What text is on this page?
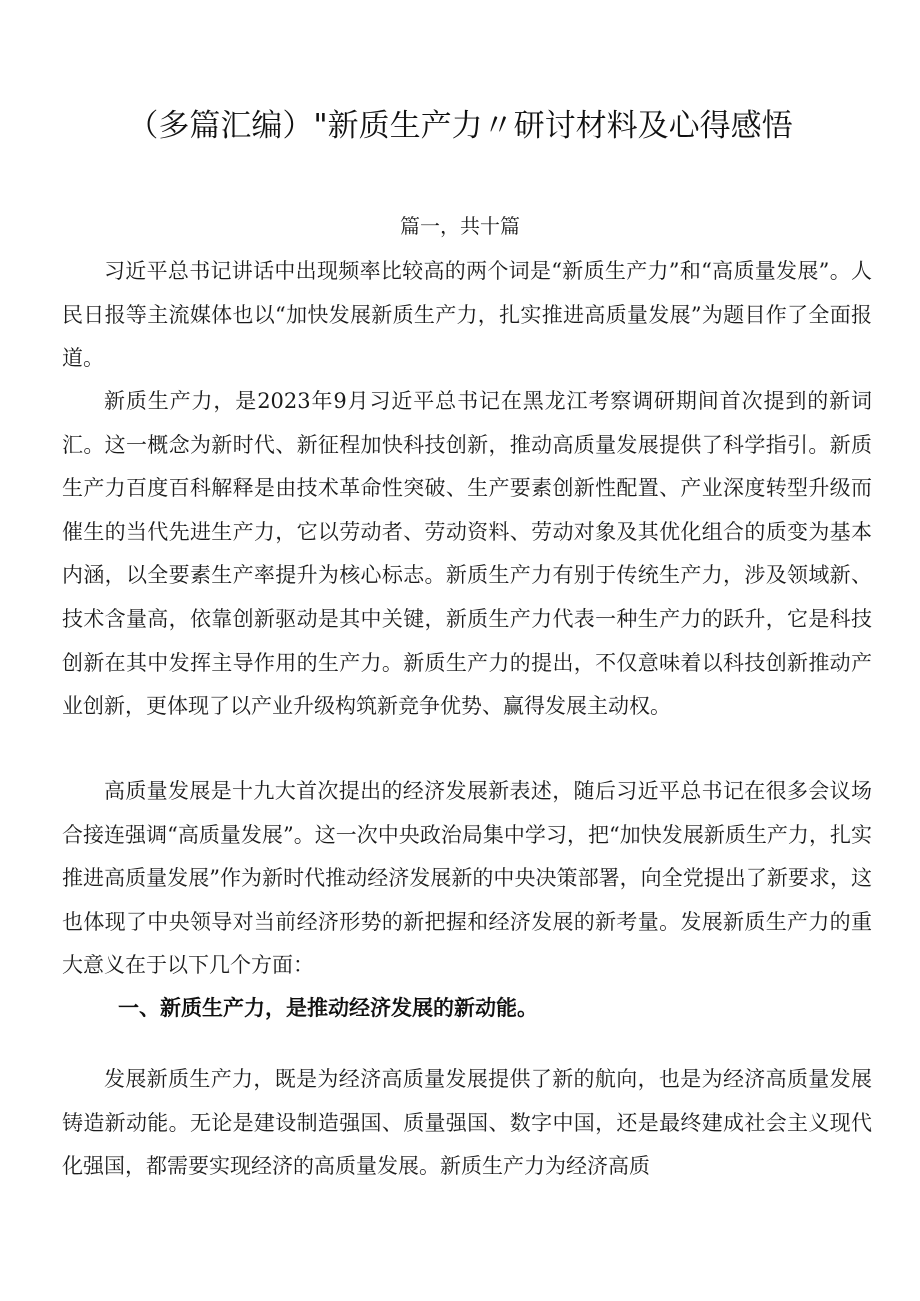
（多篇汇编）"新质生产力〃研讨材料及心得感悟

篇一，共十篇

习近平总书记讲话中出现频率比较高的两个词是“新质生产力”和“高质量发展”。人民日报等主流媒体也以“加快发展新质生产力，扎实推进高质量发展”为题目作了全面报道。

新质生产力，是2023年9月习近平总书记在黑龙江考察调研期间首次提到的新词汇。这一概念为新时代、新征程加快科技创新，推动高质量发展提供了科学指引。新质生产力百度百科解释是由技术革命性突破、生产要素创新性配置、产业深度转型升级而催生的当代先进生产力，它以劳动者、劳动资料、劳动对象及其优化组合的质变为基本内涵，以全要素生产率提升为核心标志。新质生产力有别于传统生产力，涉及领域新、技术含量高，依靠创新驱动是其中关键，新质生产力代表一种生产力的跃升，它是科技创新在其中发挥主导作用的生产力。新质生产力的提出，不仅意味着以科技创新推动产业创新，更体现了以产业升级构筑新竞争优势、赢得发展主动权。

高质量发展是十九大首次提出的经济发展新表述，随后习近平总书记在很多会议场合接连强调“高质量发展”。这一次中央政治局集中学习，把“加快发展新质生产力，扎实推进高质量发展”作为新时代推动经济发展新的中央决策部署，向全党提出了新要求，这也体现了中央领导对当前经济形势的新把握和经济发展的新考量。发展新质生产力的重大意义在于以下几个方面：

一、新质生产力，是推动经济发展的新动能。

发展新质生产力，既是为经济高质量发展提供了新的航向，也是为经济高质量发展铸造新动能。无论是建设制造强国、质量强国、数字中国，还是最终建成社会主义现代化强国，都需要实现经济的高质量发展。新质生产力为经济高质
